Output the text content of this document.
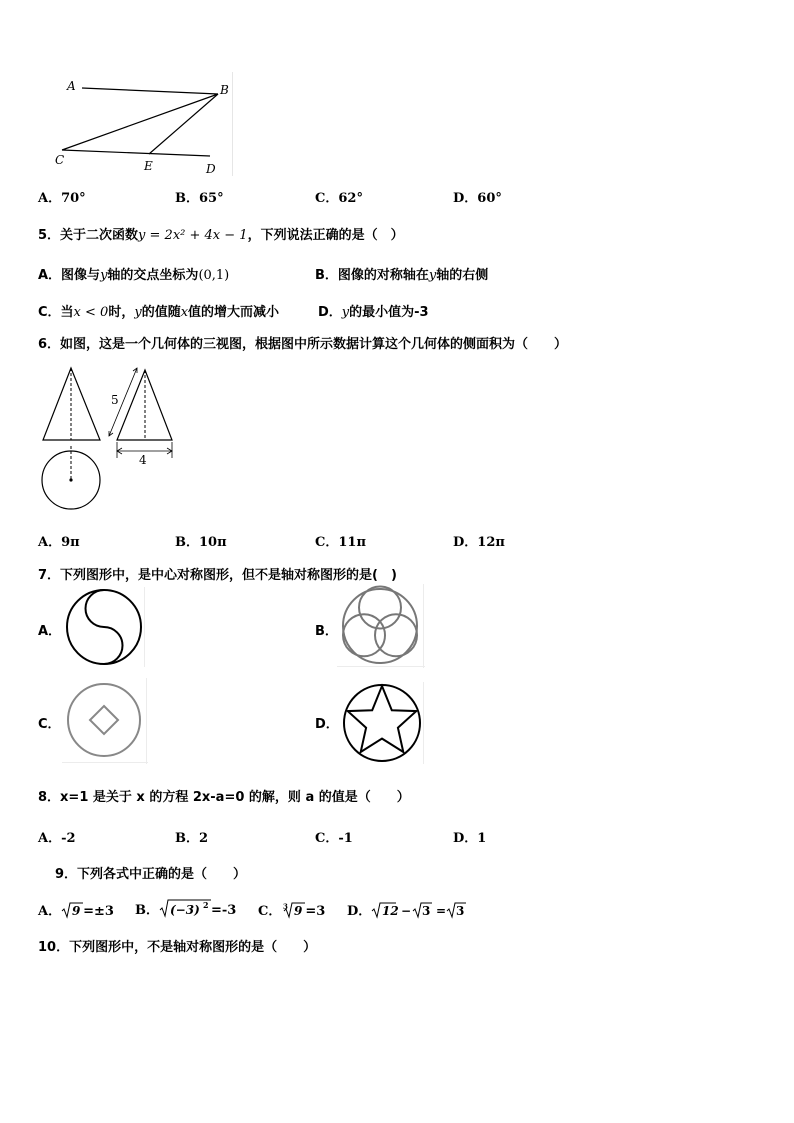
A	B
C	E	D
A．70°	B．65°	C．62°	D．60°
5．关于二次函数y = 2x² + 4x − 1，下列说法正确的是（　）
A．图像与y轴的交点坐标为(0,1)	B．图像的对称轴在y轴的右侧
C．当x < 0时，y的值随x值的增大而减小	D．y的最小值为-3
6．如图，这是一个几何体的三视图，根据图中所示数据计算这个几何体的侧面积为（　　）
5
4
A．9π	B．10π	C．11π	D．12π
7．下列图形中，是中心对称图形，但不是轴对称图形的是(　)
A．	B．
C．	D．
8．x=1 是关于 x 的方程 2x-a=0 的解，则 a 的值是（　　）
A．-2	B．2	C．-1	D．1
9．下列各式中正确的是（　　）
A． 9 =±3 B． (−3) 2 =-3 C． 3 9 =3 D． 12 − 3 = 3
10．下列图形中，不是轴对称图形的是（　　）
